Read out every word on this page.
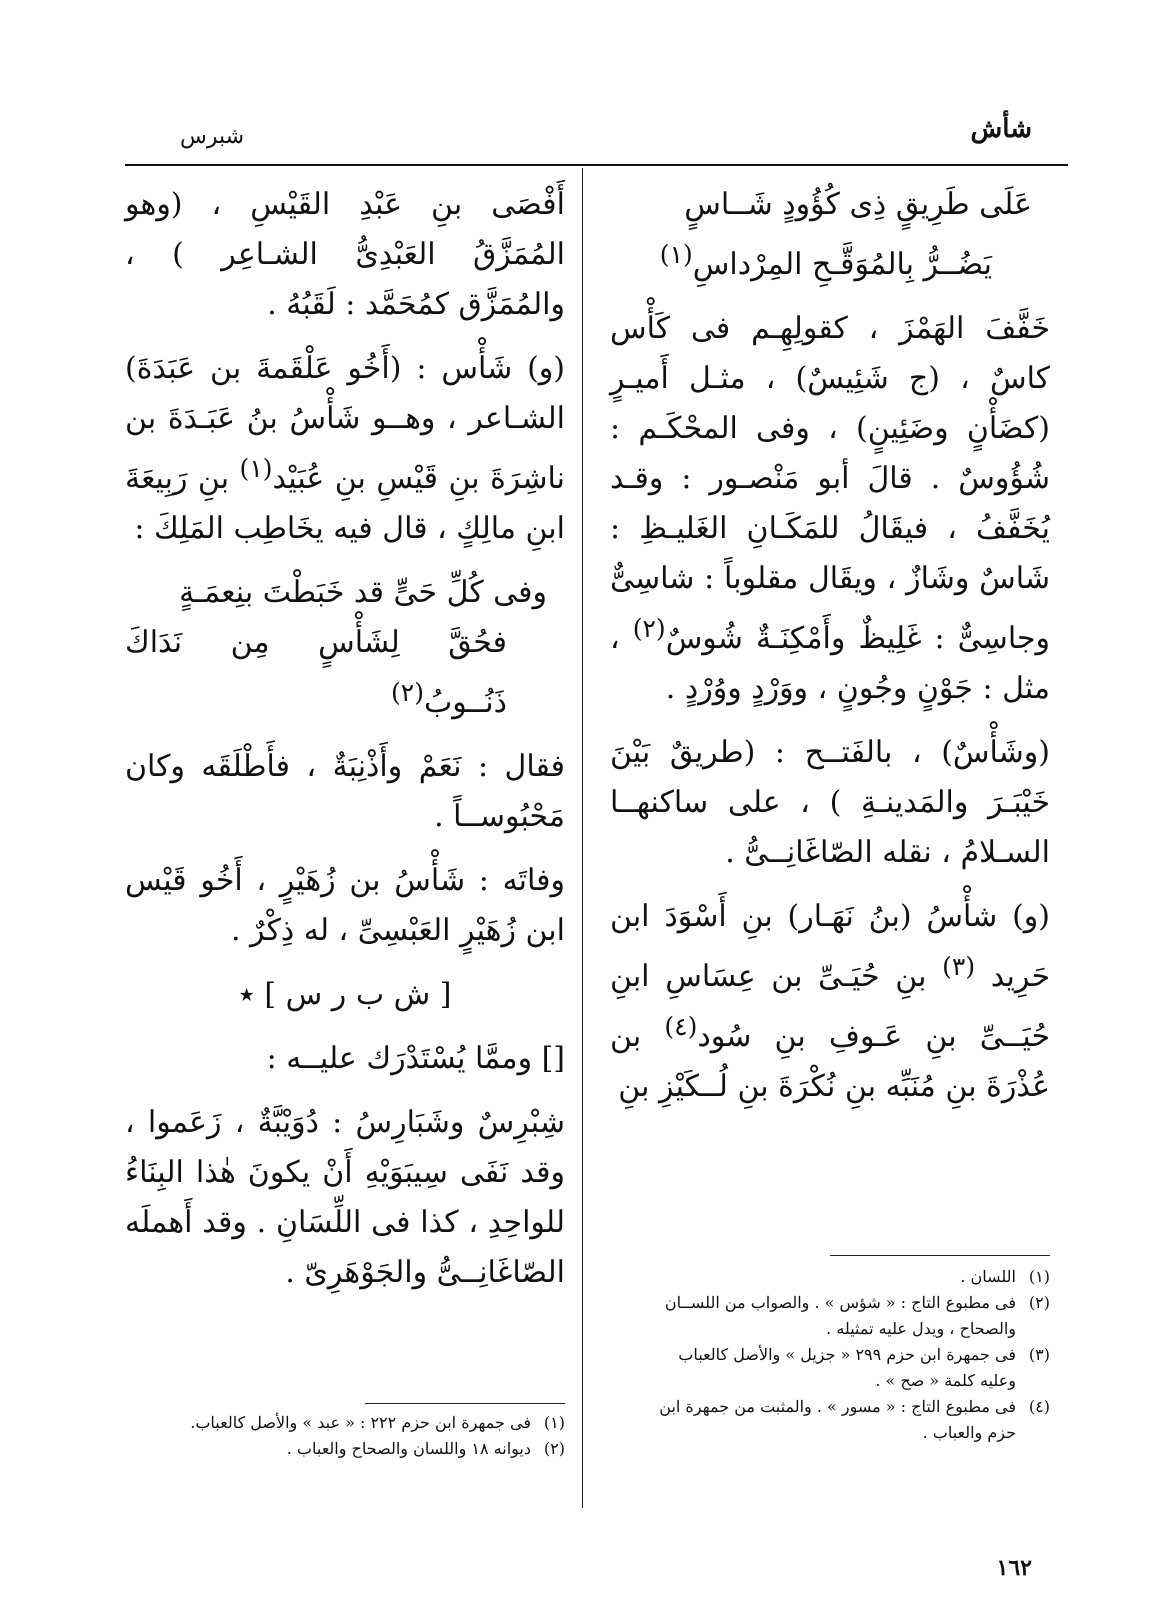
شأش
شبرس

عَلَى طَرِيقٍ ذِى كُؤُودٍ شَــاسٍ
يَضُــرُّ بِالمُوَقَّـحِ المِرْداسِ$^{(١)}$

خَفَّفَ الهَمْزَ ، كقولِهِـم فى كَأْس كاسٌ ، (ج شَئِيسٌ) ، مثـل أَميـرٍ (كضَأْنٍ وضَئِينٍ) ، وفى المحْكَـم : شُؤُوسٌ . قالَ أبو مَنْصـور : وقـد يُخَفَّفُ ، فيقَالُ للمَكَـانِ الغَليـظِ : شَاسٌ وشَازٌ ، ويقَال مقلوباً : شاسِىٌّ وجاسِىٌّ : غَلِيظٌ وأَمْكِنَـةٌ شُوسٌ$^{(٢)}$ ، مثل : جَوْنٍ وجُونٍ ، ووَرْدٍ ووُرْدٍ .

(وشَأْسٌ) ، بالفَتــح : (طريقٌ بَيْنَ خَيْبَـرَ والمَدينـةِ ) ، على ساكنهــا السـلامُ ، نقله الصّاغَانِــىُّ .

(و) شأْسُ (بنُ نَهَـار) بنِ أَسْوَدَ ابن حَرِيد $^{(٣)}$ بنِ حُيَـىِّ بن عِسَاسِ ابنِ حُيَــىِّ بنِ عَـوفِ بنِ سُود$^{(٤)}$ بن عُذْرَةَ بنِ مُنَبِّه بنِ نُكْرَةَ بنِ لُــكَيْزِ بنِ

أَفْصَى بنِ عَبْدِ القَيْسِ ، (وهو المُمَزَّقُ العَبْدِىُّ الشـاعِر ) ، والمُمَزَّق كمُحَمَّد : لَقَبُهُ .

(و) شَأْس : (أَخُو عَلْقَمةَ بن عَبَدَةَ) الشـاعر ، وهــو شَأْسُ بنُ عَبَـدَةَ بن ناشِرَةَ بنِ قَيْسِ بنِ عُبَيْد$^{(١)}$ بنِ رَبِيعَةَ ابنِ مالِكٍ ، قال فيه يخَاطِب المَلِكَ :

وفى كُلِّ حَىٍّ قد خَبَطْتَ بنِعمَـةٍ
فحُقَّ لِشَأْسٍ مِن نَدَاكَ ذَنُــوبُ$^{(٢)}$

فقال : نَعَمْ وأَذْنِبَةٌ ، فأَطْلَقَه وكان مَحْبُوســاً .

وفاتَه : شَأْسُ بن زُهَيْرٍ ، أَخُو قَيْس ابن زُهَيْرٍ العَبْسِىِّ ، له ذِكْرٌ .

[ ش ب ر س ] ٭

[] وممَّا يُسْتَدْرَك عليــه :

شِبْرِسٌ وشَبَارِسُ : دُوَيْبَّةٌ ، زَعَموا ، وقد نَفَى سِيبَوَيْهِ أَنْ يكونَ هٰذا البِنَاءُ للواحِدِ ، كذا فى اللِّسَانِ . وقد أَهملَه الصّاغَانِــىُّ والجَوْهَرِىّ .	(١)اللسان .
(٢)فى مطبوع التاج : « شؤس » . والصواب من اللســان
والصحاح ، ويدل عليه تمثيله .
(٣)فى جمهرة ابن حزم ٢٩٩ « جزيل » والأصل كالعباب
وعليه كلمة « صح » .
(٤)فى مطبوع التاج : « مسور » . والمثبت من جمهرة ابن
حزم والعباب .
(١)فى جمهرة ابن حزم ٢٢٢ : « عبد » والأصل كالعباب.
(٢)ديوانه ١٨ واللسان والصحاح والعباب .
١٦٢
